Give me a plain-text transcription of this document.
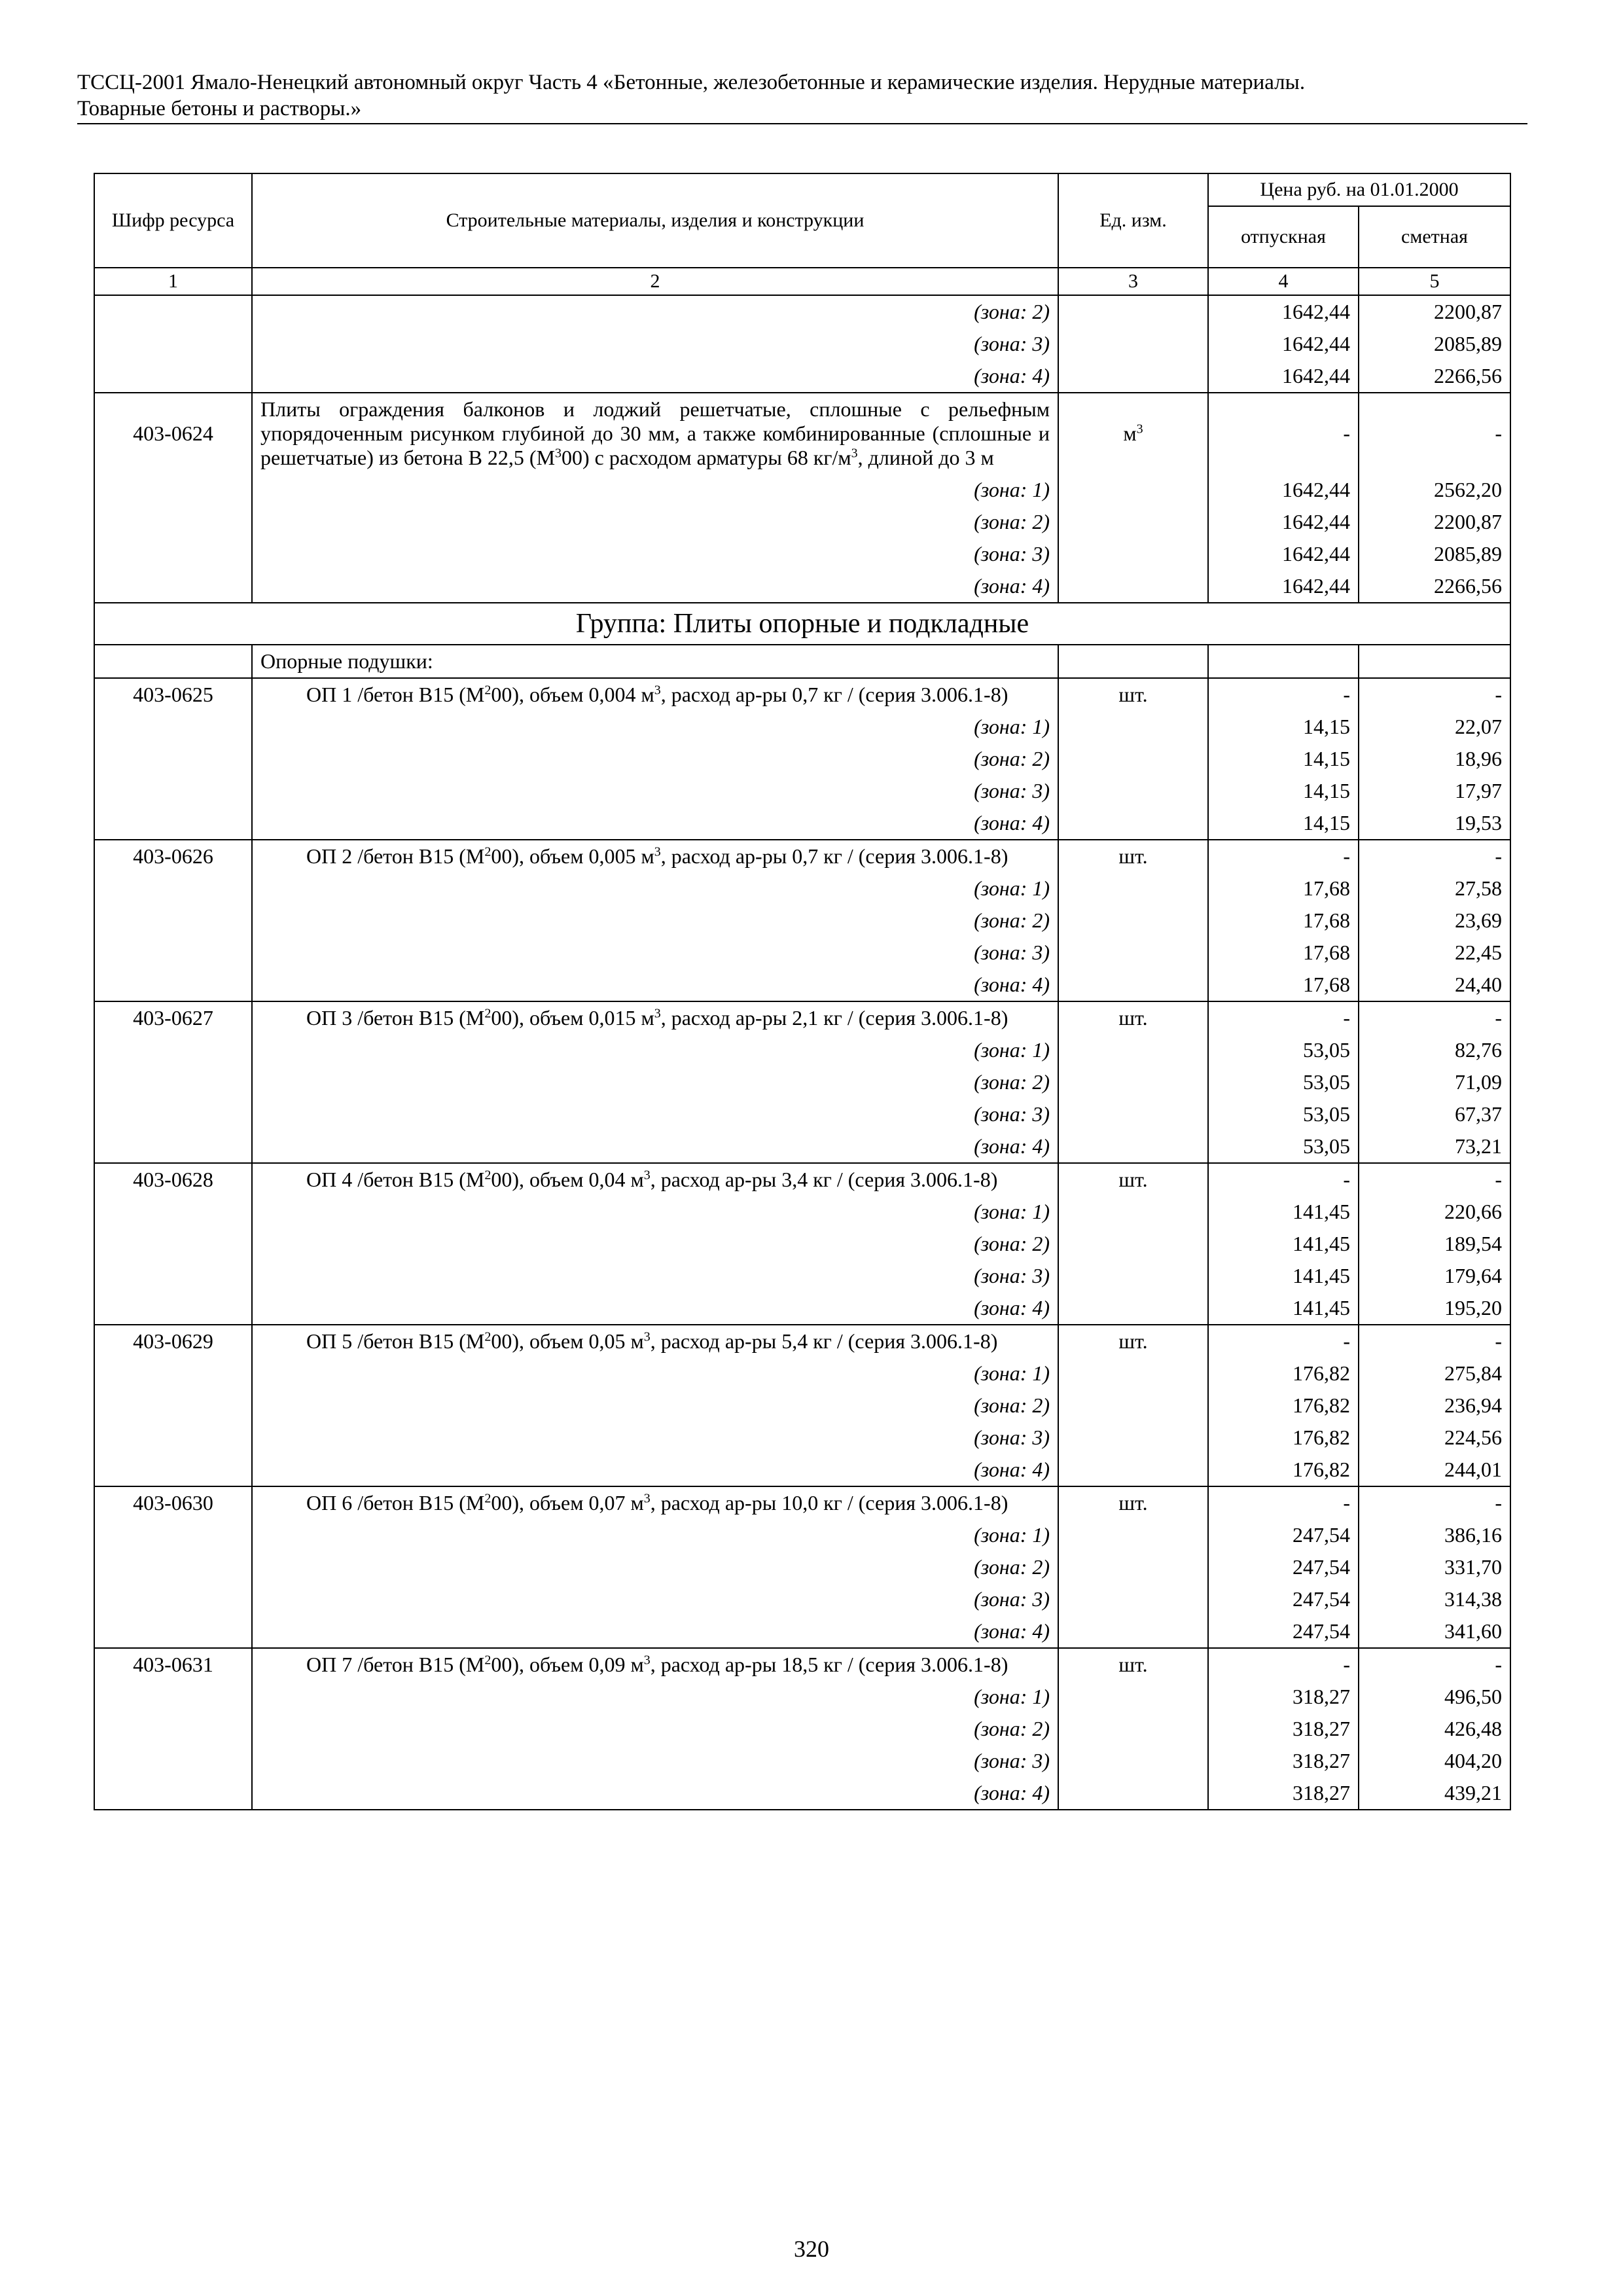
ТССЦ-2001 Ямало-Ненецкий автономный округ Часть 4 «Бетонные, железобетонные и керамические изделия. Нерудные материалы.
Товарные бетоны и растворы.»
Шифр ресурса	Строительные материалы, изделия и конструкции	Ед. изм.	Цена руб. на 01.01.2000	
			отпускная	сметная
1	2	3	4	5
	(зона: 2)		1642,44	2200,87
	(зона: 3)		1642,44	2085,89
	(зона: 4)		1642,44	2266,56
403-0624	Плиты ограждения балконов и лоджий решетчатые, сплошные с рельефным упорядоченным рисунком глубиной до 30 мм, а также комбинированные (сплошные и решетчатые) из бетона В 22,5 $(М^300)$ с расходом арматуры 68 $кг/м^3$, длиной до 3 м	$м^3$	-	-
	(зона: 1)		1642,44	2562,20
	(зона: 2)		1642,44	2200,87
	(зона: 3)		1642,44	2085,89
	(зона: 4)		1642,44	2266,56
Группа: Плиты опорные и подкладные				
	Опорные подушки:			
403-0625	ОП 1 /бетон В15 $(М^200)$, объем 0,004 $м^3$, расход ар-ры 0,7 кг / (серия 3.006.1-8)	шт.	-	-
	(зона: 1)		14,15	22,07
	(зона: 2)		14,15	18,96
	(зона: 3)		14,15	17,97
	(зона: 4)		14,15	19,53
403-0626	ОП 2 /бетон В15 $(М^200)$, объем 0,005 $м^3$, расход ар-ры 0,7 кг / (серия 3.006.1-8)	шт.	-	-
	(зона: 1)		17,68	27,58
	(зона: 2)		17,68	23,69
	(зона: 3)		17,68	22,45
	(зона: 4)		17,68	24,40
403-0627	ОП 3 /бетон В15 $(М^200)$, объем 0,015 $м^3$, расход ар-ры 2,1 кг / (серия 3.006.1-8)	шт.	-	-
	(зона: 1)		53,05	82,76
	(зона: 2)		53,05	71,09
	(зона: 3)		53,05	67,37
	(зона: 4)		53,05	73,21
403-0628	ОП 4 /бетон В15 $(М^200)$, объем 0,04 $м^3$, расход ар-ры 3,4 кг / (серия 3.006.1-8)	шт.	-	-
	(зона: 1)		141,45	220,66
	(зона: 2)		141,45	189,54
	(зона: 3)		141,45	179,64
	(зона: 4)		141,45	195,20
403-0629	ОП 5 /бетон В15 $(М^200)$, объем 0,05 $м^3$, расход ар-ры 5,4 кг / (серия 3.006.1-8)	шт.	-	-
	(зона: 1)		176,82	275,84
	(зона: 2)		176,82	236,94
	(зона: 3)		176,82	224,56
	(зона: 4)		176,82	244,01
403-0630	ОП 6 /бетон В15 $(М^200)$, объем 0,07 $м^3$, расход ар-ры 10,0 кг / (серия 3.006.1-8)	шт.	-	-
	(зона: 1)		247,54	386,16
	(зона: 2)		247,54	331,70
	(зона: 3)		247,54	314,38
	(зона: 4)		247,54	341,60
403-0631	ОП 7 /бетон В15 $(М^200)$, объем 0,09 $м^3$, расход ар-ры 18,5 кг / (серия 3.006.1-8)	шт.	-	-
	(зона: 1)		318,27	496,50
	(зона: 2)		318,27	426,48
	(зона: 3)		318,27	404,20
	(зона: 4)		318,27	439,21
320
